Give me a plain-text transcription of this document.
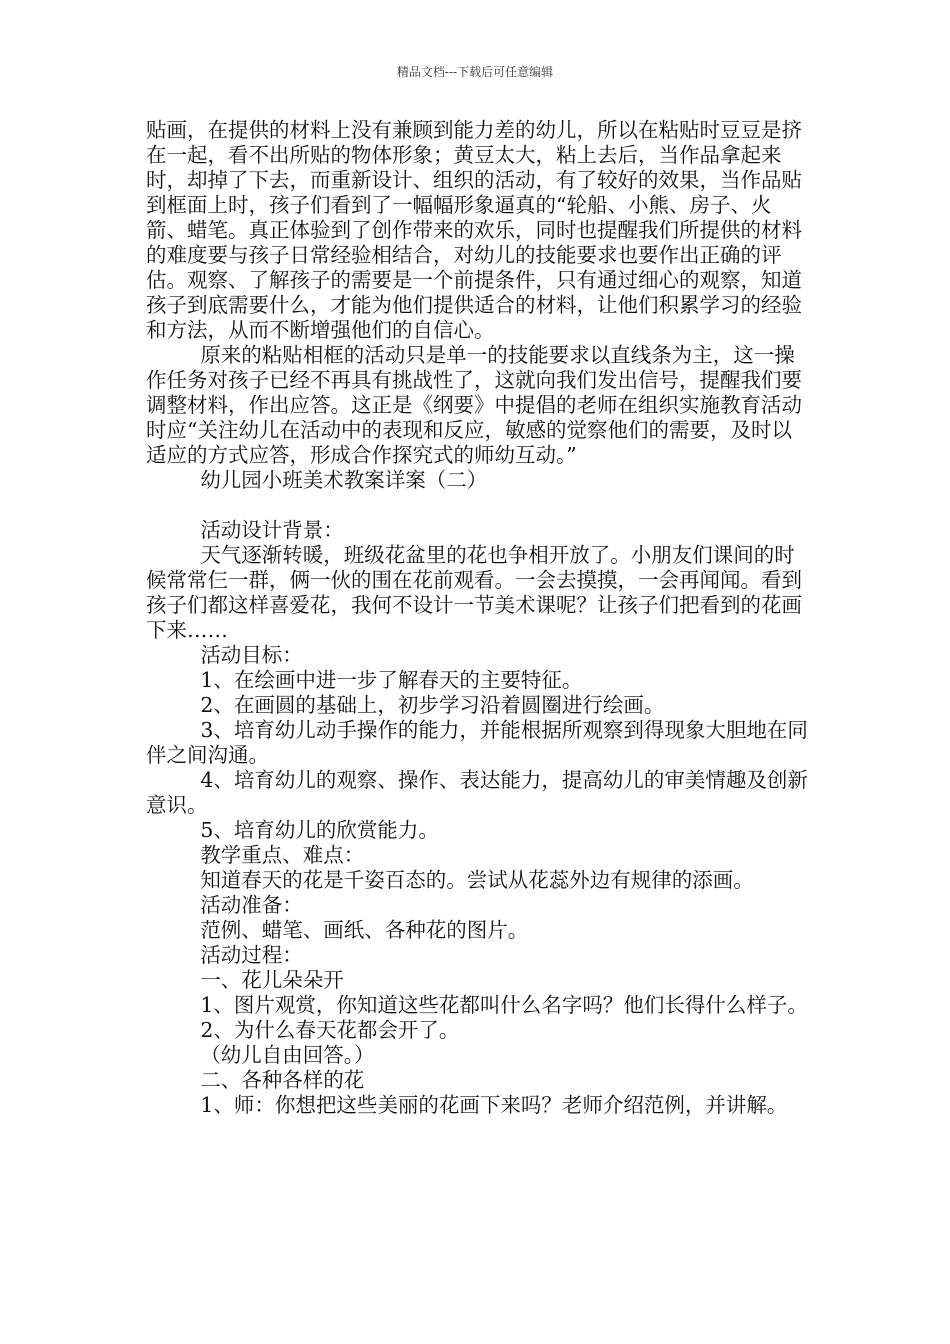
精品文档---下载后可任意编辑

贴画，在提供的材料上没有兼顾到能力差的幼儿，所以在粘贴时豆豆是挤在一起，看不出所贴的物体形象；黄豆太大，粘上去后，当作品拿起来时，却掉了下去，而重新设计、组织的活动，有了较好的效果，当作品贴到框面上时，孩子们看到了一幅幅形象逼真的“轮船、小熊、房子、火箭、蜡笔。真正体验到了创作带来的欢乐，同时也提醒我们所提供的材料的难度要与孩子日常经验相结合，对幼儿的技能要求也要作出正确的评估。观察、了解孩子的需要是一个前提条件，只有通过细心的观察，知道孩子到底需要什么，才能为他们提供适合的材料，让他们积累学习的经验和方法，从而不断增强他们的自信心。

原来的粘贴相框的活动只是单一的技能要求以直线条为主，这一操作任务对孩子已经不再具有挑战性了，这就向我们发出信号，提醒我们要调整材料，作出应答。这正是《纲要》中提倡的老师在组织实施教育活动时应“关注幼儿在活动中的表现和反应，敏感的觉察他们的需要，及时以适应的方式应答，形成合作探究式的师幼互动。”

幼儿园小班美术教案详案（二）

活动设计背景：

天气逐渐转暖，班级花盆里的花也争相开放了。小朋友们课间的时候常常仨一群，俩一伙的围在花前观看。一会去摸摸，一会再闻闻。看到孩子们都这样喜爱花，我何不设计一节美术课呢？让孩子们把看到的花画下来……

活动目标：

1、在绘画中进一步了解春天的主要特征。

2、在画圆的基础上，初步学习沿着圆圈进行绘画。

3、培育幼儿动手操作的能力，并能根据所观察到得现象大胆地在同伴之间沟通。

4、培育幼儿的观察、操作、表达能力，提高幼儿的审美情趣及创新意识。

5、培育幼儿的欣赏能力。

教学重点、难点：

知道春天的花是千姿百态的。尝试从花蕊外边有规律的添画。

活动准备：

范例、蜡笔、画纸、各种花的图片。

活动过程：

一、花儿朵朵开

1、图片观赏，你知道这些花都叫什么名字吗？他们长得什么样子。

2、为什么春天花都会开了。

（幼儿自由回答。）

二、各种各样的花

1、师：你想把这些美丽的花画下来吗？老师介绍范例，并讲解。
